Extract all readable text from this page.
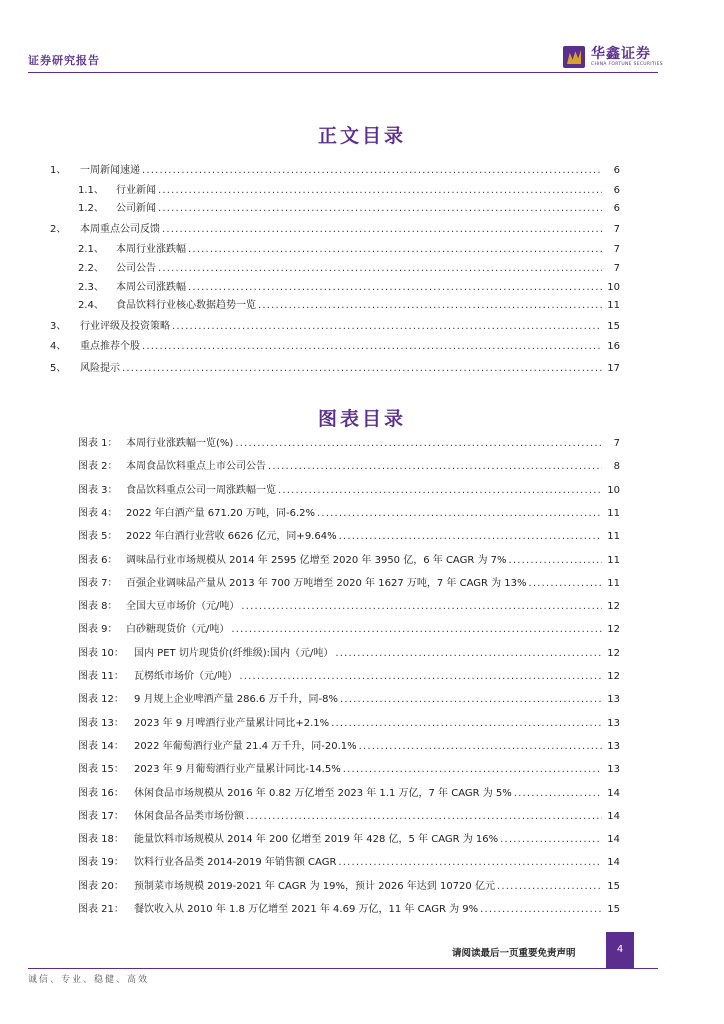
证券研究报告	华鑫证券
CHINA FORTUNE SECURITIES
正文目录
1、	一周新闻速递 .....	6
1.1、	行业新闻 .....	6
1.2、	公司新闻 .....	6
2、	本周重点公司反馈 .....	7
2.1、	本周行业涨跌幅 .....	7
2.2、	公司公告 .....	7
2.3、	本周公司涨跌幅 .....	10
2.4、	食品饮料行业核心数据趋势一览 .....	11
3、	行业评级及投资策略 .....	15
4、	重点推荐个股 .....	16
5、	风险提示 .....	17
图表目录
图表 1： 本周行业涨跌幅一览(%) .....	7
图表 2： 本周食品饮料重点上市公司公告 .....	8
图表 3： 食品饮料重点公司一周涨跌幅一览 .....	10
图表 4： 2022 年白酒产量 671.20 万吨，同-6.2% .....	11
图表 5： 2022 年白酒行业营收 6626 亿元，同+9.64% .....	11
图表 6： 调味品行业市场规模从 2014 年 2595 亿增至 2020 年 3950 亿，6 年 CAGR 为 7% .....	11
图表 7： 百强企业调味品产量从 2013 年 700 万吨增至 2020 年 1627 万吨，7 年 CAGR 为 13% .....	11
图表 8： 全国大豆市场价（元/吨） .....	12
图表 9： 白砂糖现货价（元/吨） .....	12
图表 10：	国内 PET 切片现货价(纤维级):国内（元/吨） .....	12
图表 11：	瓦楞纸市场价（元/吨） .....	12
图表 12：	9 月规上企业啤酒产量 286.6 万千升，同-8% .....	13
图表 13：	2023 年 9 月啤酒行业产量累计同比+2.1% .....	13
图表 14：	2022 年葡萄酒行业产量 21.4 万千升，同-20.1% .....	13
图表 15：	2023 年 9 月葡萄酒行业产量累计同比-14.5% .....	13
图表 16：	休闲食品市场规模从 2016 年 0.82 万亿增至 2023 年 1.1 万亿，7 年 CAGR 为 5% .....	14
图表 17：	休闲食品各品类市场份额 .....	14
图表 18：	能量饮料市场规模从 2014 年 200 亿增至 2019 年 428 亿，5 年 CAGR 为 16% .....	14
图表 19：	饮料行业各品类 2014-2019 年销售额 CAGR .....	14
图表 20：	预制菜市场规模 2019-2021 年 CAGR 为 19%，预计 2026 年达到 10720 亿元 .....	15
图表 21：	餐饮收入从 2010 年 1.8 万亿增至 2021 年 4.69 万亿，11 年 CAGR 为 9% .....	15
请阅读最后一页重要免责声明	4
诚信、专业、稳健、高效
